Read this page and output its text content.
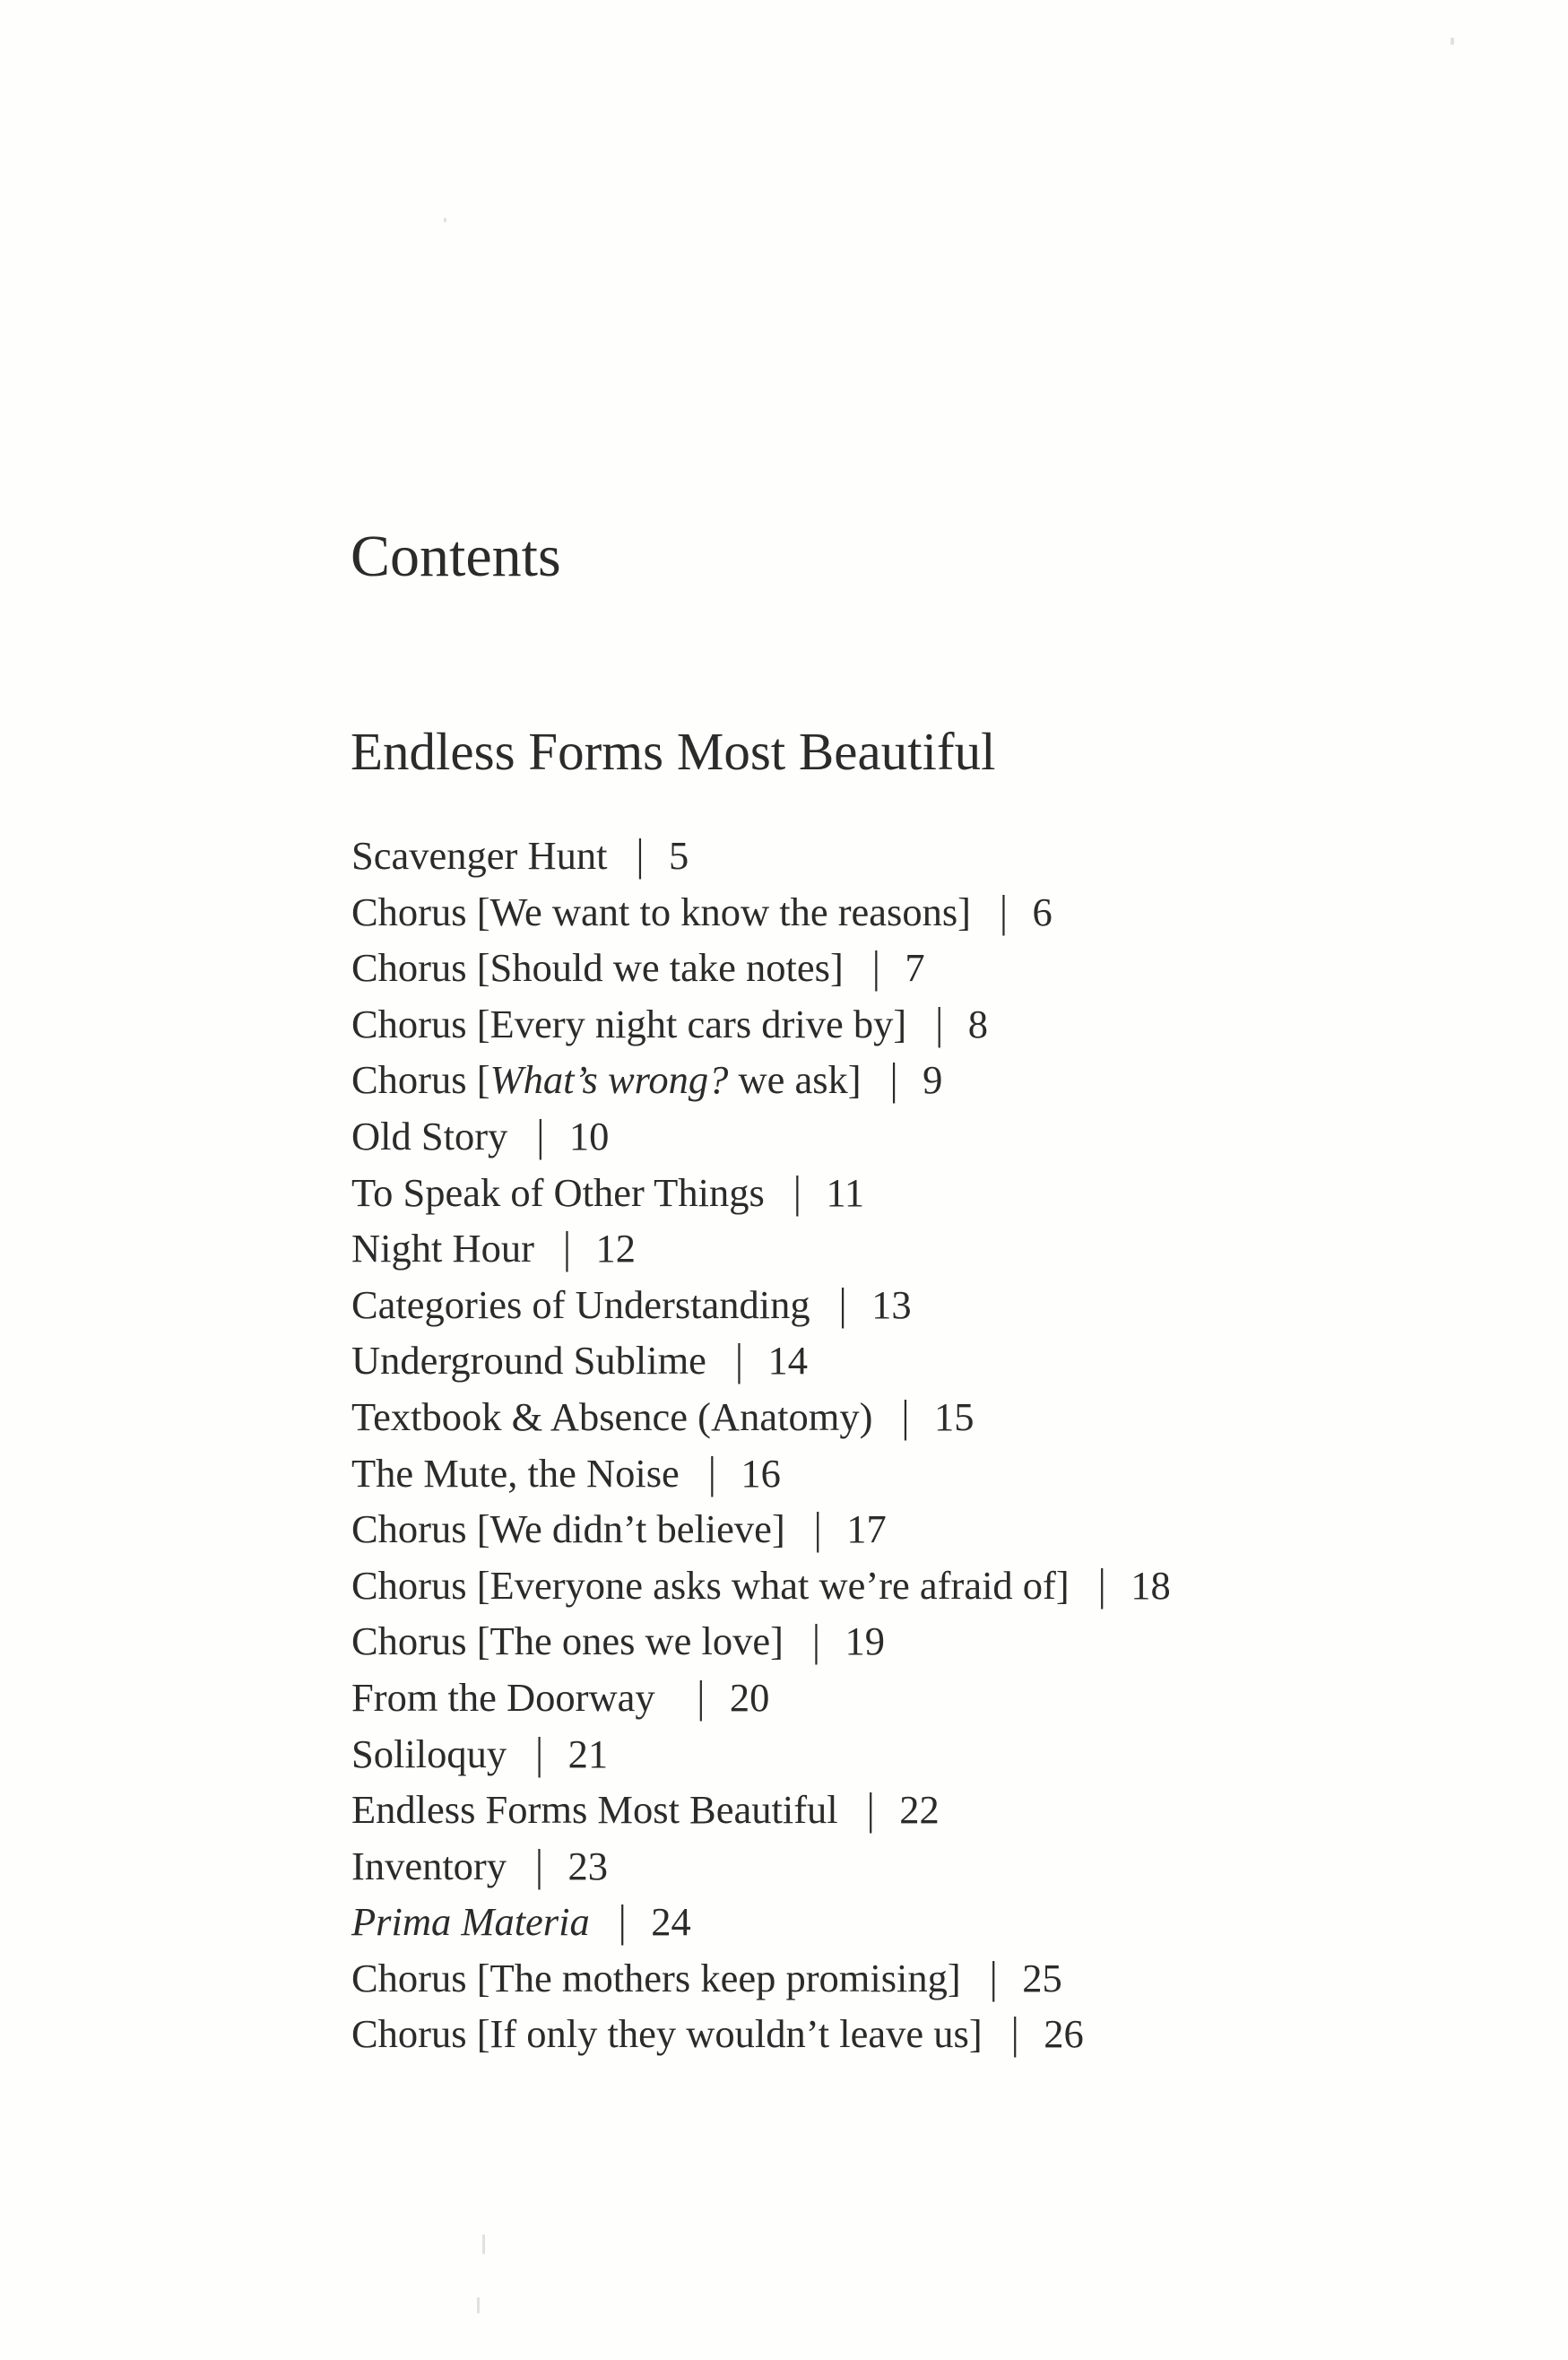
Contents
Endless Forms Most Beautiful
Scavenger Hunt | 5
Chorus [We want to know the reasons] | 6
Chorus [Should we take notes] | 7
Chorus [Every night cars drive by] | 8
Chorus [What’s wrong? we ask] | 9
Old Story | 10
To Speak of Other Things | 11
Night Hour | 12
Categories of Understanding | 13
Underground Sublime | 14
Textbook & Absence (Anatomy) | 15
The Mute, the Noise | 16
Chorus [We didn’t believe] | 17
Chorus [Everyone asks what we’re afraid of] | 18
Chorus [The ones we love] | 19
From the Doorway | 20
Soliloquy | 21
Endless Forms Most Beautiful | 22
Inventory | 23
Prima Materia | 24
Chorus [The mothers keep promising] | 25
Chorus [If only they wouldn’t leave us] | 26
